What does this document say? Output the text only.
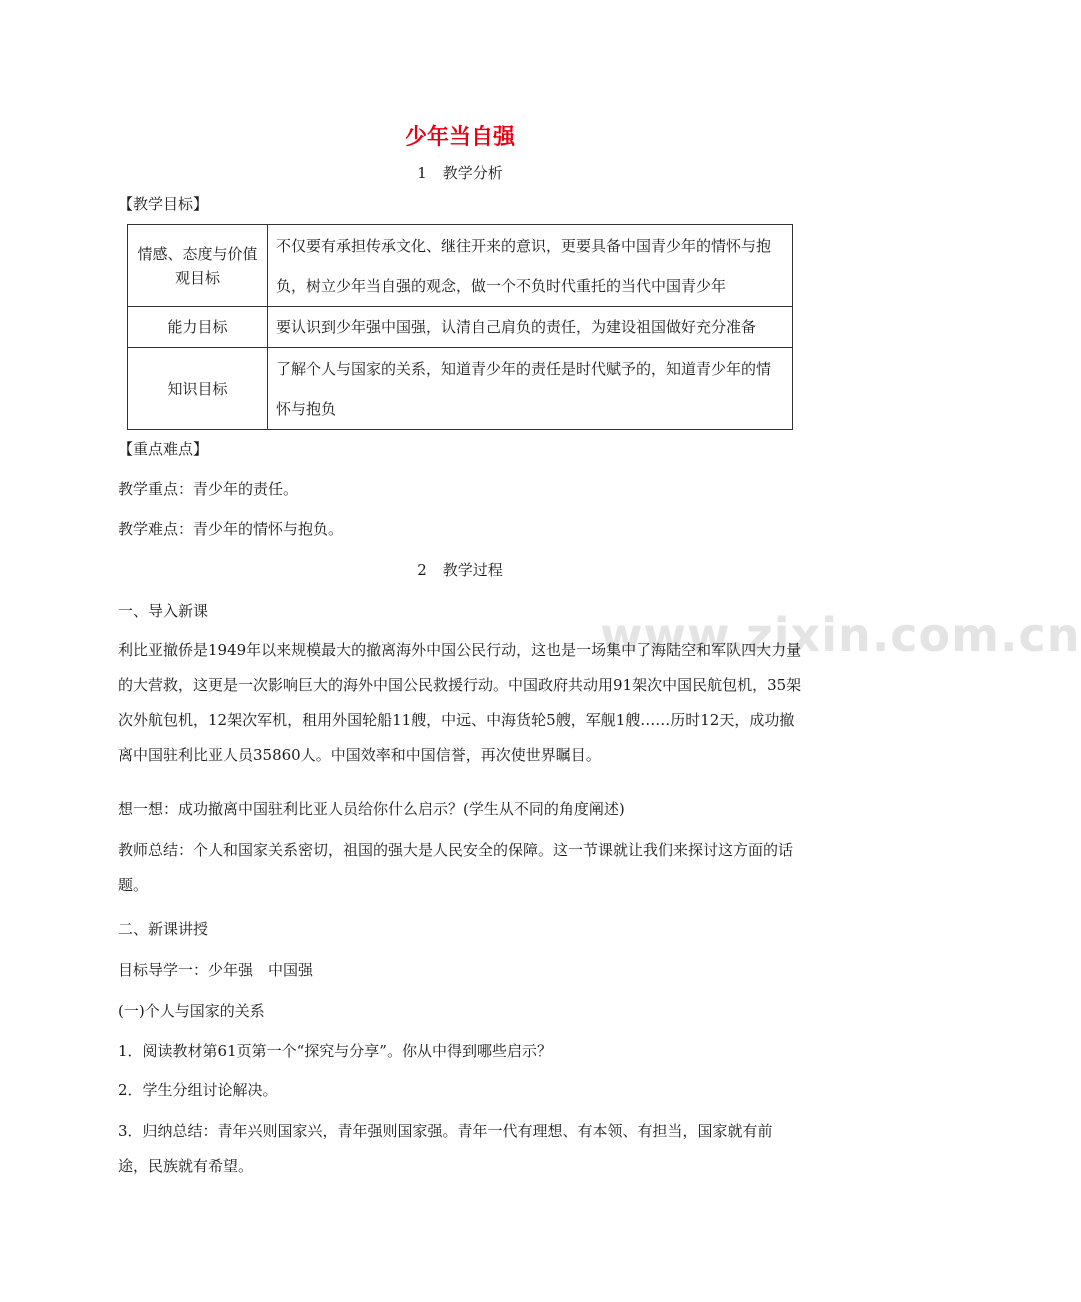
www.zixin.com.cn
少年当自强
1 教学分析
【教学目标】
情感、态度与价值观目标	不仅要有承担传承文化、继往开来的意识，更要具备中国青少年的情怀与抱负，树立少年当自强的观念，做一个不负时代重托的当代中国青少年
能力目标	要认识到少年强中国强，认清自己肩负的责任，为建设祖国做好充分准备
知识目标	了解个人与国家的关系，知道青少年的责任是时代赋予的，知道青少年的情怀与抱负
【重点难点】
教学重点：青少年的责任。
教学难点：青少年的情怀与抱负。
2 教学过程
一、导入新课
利比亚撤侨是1949年以来规模最大的撤离海外中国公民行动，这也是一场集中了海陆空和军队四大力量的大营救，这更是一次影响巨大的海外中国公民救援行动。中国政府共动用91架次中国民航包机，35架次外航包机，12架次军机，租用外国轮船11艘，中远、中海货轮5艘，军舰1艘……历时12天，成功撤离中国驻利比亚人员35860人。中国效率和中国信誉，再次使世界瞩目。
想一想：成功撤离中国驻利比亚人员给你什么启示？(学生从不同的角度阐述)
教师总结：个人和国家关系密切，祖国的强大是人民安全的保障。这一节课就让我们来探讨这方面的话题。
二、新课讲授
目标导学一：少年强　中国强
(一)个人与国家的关系
1．阅读教材第61页第一个“探究与分享”。你从中得到哪些启示？
2．学生分组讨论解决。
3．归纳总结：青年兴则国家兴，青年强则国家强。青年一代有理想、有本领、有担当，国家就有前途，民族就有希望。
